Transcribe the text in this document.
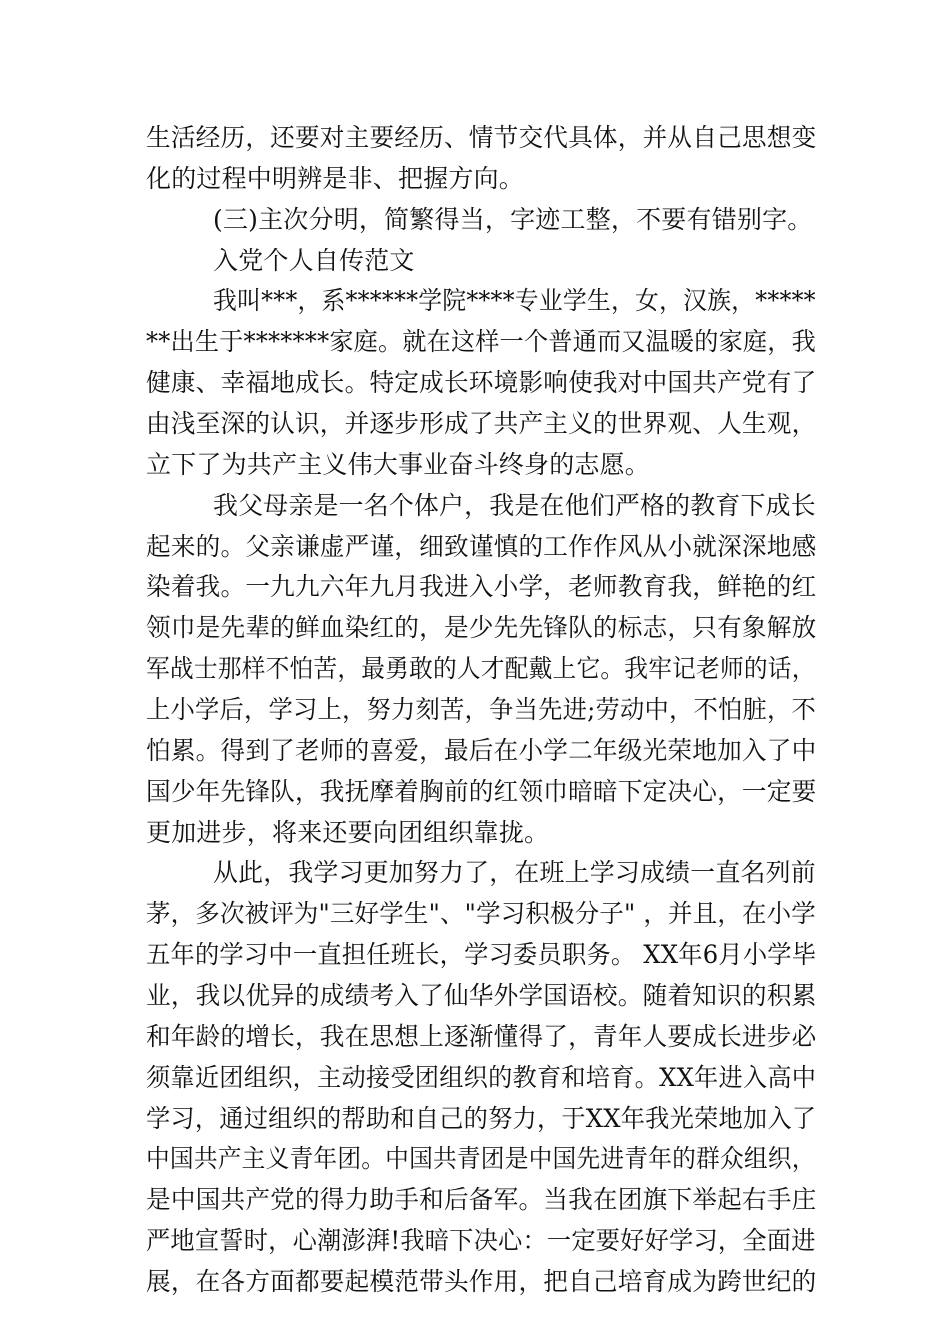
生活经历，还要对主要经历、情节交代具体，并从自己思想变
化的过程中明辨是非、把握方向。
(三)主次分明，简繁得当，字迹工整，不要有错别字。
入党个人自传范文
我叫***，系******学院****专业学生，女，汉族，*****
**出生于*******家庭。就在这样一个普通而又温暖的家庭，我
健康、幸福地成长。特定成长环境影响使我对中国共产党有了
由浅至深的认识，并逐步形成了共产主义的世界观、人生观，
立下了为共产主义伟大事业奋斗终身的志愿。
我父母亲是一名个体户，我是在他们严格的教育下成长
起来的。父亲谦虚严谨，细致谨慎的工作作风从小就深深地感
染着我。一九九六年九月我进入小学，老师教育我，鲜艳的红
领巾是先辈的鲜血染红的，是少先先锋队的标志，只有象解放
军战士那样不怕苦，最勇敢的人才配戴上它。我牢记老师的话，
上小学后，学习上，努力刻苦，争当先进;劳动中，不怕脏，不
怕累。得到了老师的喜爱，最后在小学二年级光荣地加入了中
国少年先锋队，我抚摩着胸前的红领巾暗暗下定决心，一定要
更加进步，将来还要向团组织靠拢。
从此，我学习更加努力了，在班上学习成绩一直名列前
茅，多次被评为"三好学生"、"学习积极分子" ，并且，在小学
五年的学习中一直担任班长，学习委员职务。 XX年6月小学毕
业，我以优异的成绩考入了仙华外学国语校。随着知识的积累
和年龄的增长，我在思想上逐渐懂得了，青年人要成长进步必
须靠近团组织，主动接受团组织的教育和培育。XX年进入高中
学习，通过组织的帮助和自己的努力，于XX年我光荣地加入了
中国共产主义青年团。中国共青团是中国先进青年的群众组织，
是中国共产党的得力助手和后备军。当我在团旗下举起右手庄
严地宣誓时，心潮澎湃!我暗下决心：一定要好好学习，全面进
展，在各方面都要起模范带头作用，把自己培育成为跨世纪的
